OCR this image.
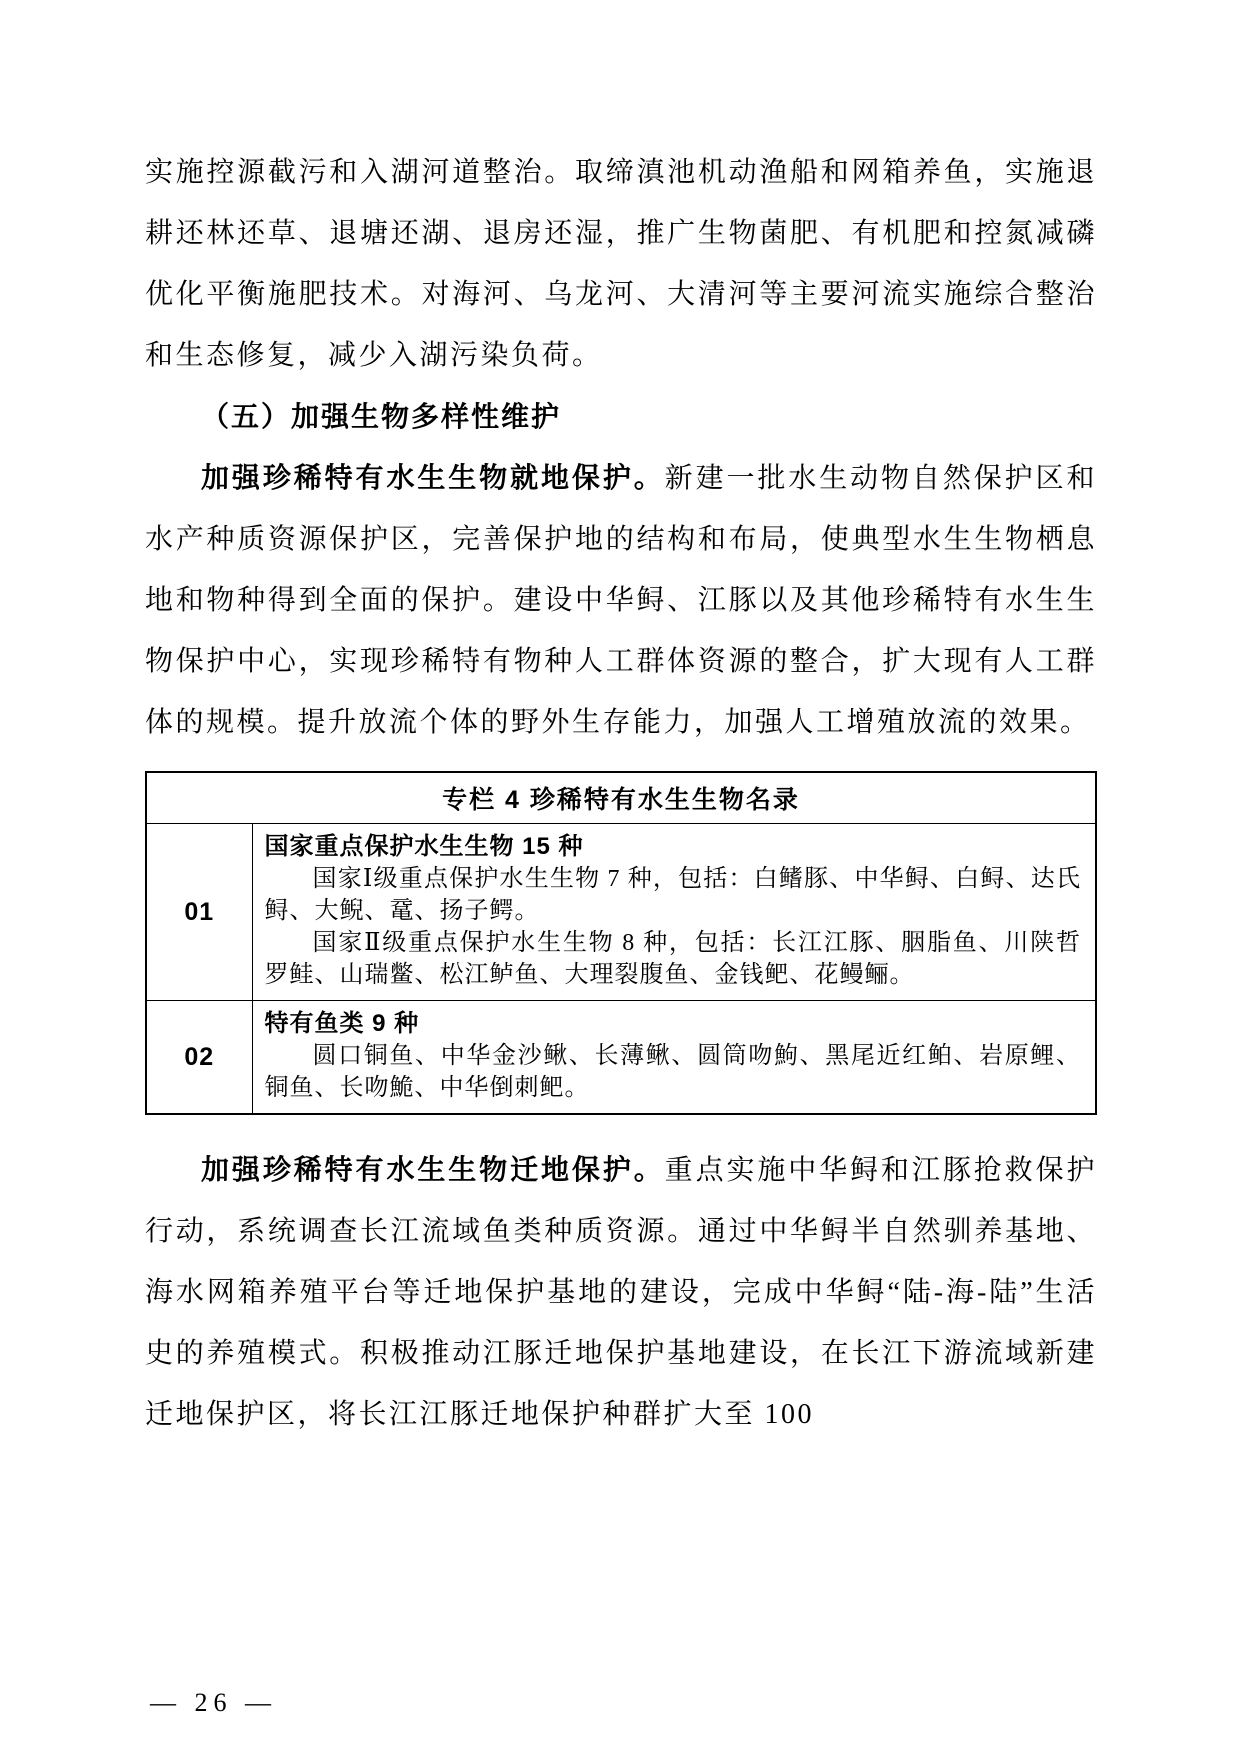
实施控源截污和入湖河道整治。取缔滇池机动渔船和网箱养鱼，实施退耕还林还草、退塘还湖、退房还湿，推广生物菌肥、有机肥和控氮减磷优化平衡施肥技术。对海河、乌龙河、大清河等主要河流实施综合整治和生态修复，减少入湖污染负荷。

（五）加强生物多样性维护

加强珍稀特有水生生物就地保护。新建一批水生动物自然保护区和水产种质资源保护区，完善保护地的结构和布局，使典型水生生物栖息地和物种得到全面的保护。建设中华鲟、江豚以及其他珍稀特有水生生物保护中心，实现珍稀特有物种人工群体资源的整合，扩大现有人工群体的规模。提升放流个体的野外生存能力，加强人工增殖放流的效果。

专栏 4 珍稀特有水生生物名录	
01	国家重点保护水生生物 15 种

国家Ⅰ级重点保护水生生物 7 种，包括：白鳍豚、中华鲟、白鲟、达氏鲟、大鲵、鼋、扬子鳄。

国家Ⅱ级重点保护水生生物 8 种，包括：长江江豚、胭脂鱼、川陕哲罗鲑、山瑞鳖、松江鲈鱼、大理裂腹鱼、金钱鲃、花鳗鲡。

02	特有鱼类 9 种

圆口铜鱼、中华金沙鳅、长薄鳅、圆筒吻鮈、黑尾近红鲌、岩原鲤、铜鱼、长吻鮠、中华倒刺鲃。

加强珍稀特有水生生物迁地保护。重点实施中华鲟和江豚抢救保护行动，系统调查长江流域鱼类种质资源。通过中华鲟半自然驯养基地、海水网箱养殖平台等迁地保护基地的建设，完成中华鲟“陆-海-陆”生活史的养殖模式。积极推动江豚迁地保护基地建设，在长江下游流域新建迁地保护区，将长江江豚迁地保护种群扩大至 100

— 26 —
